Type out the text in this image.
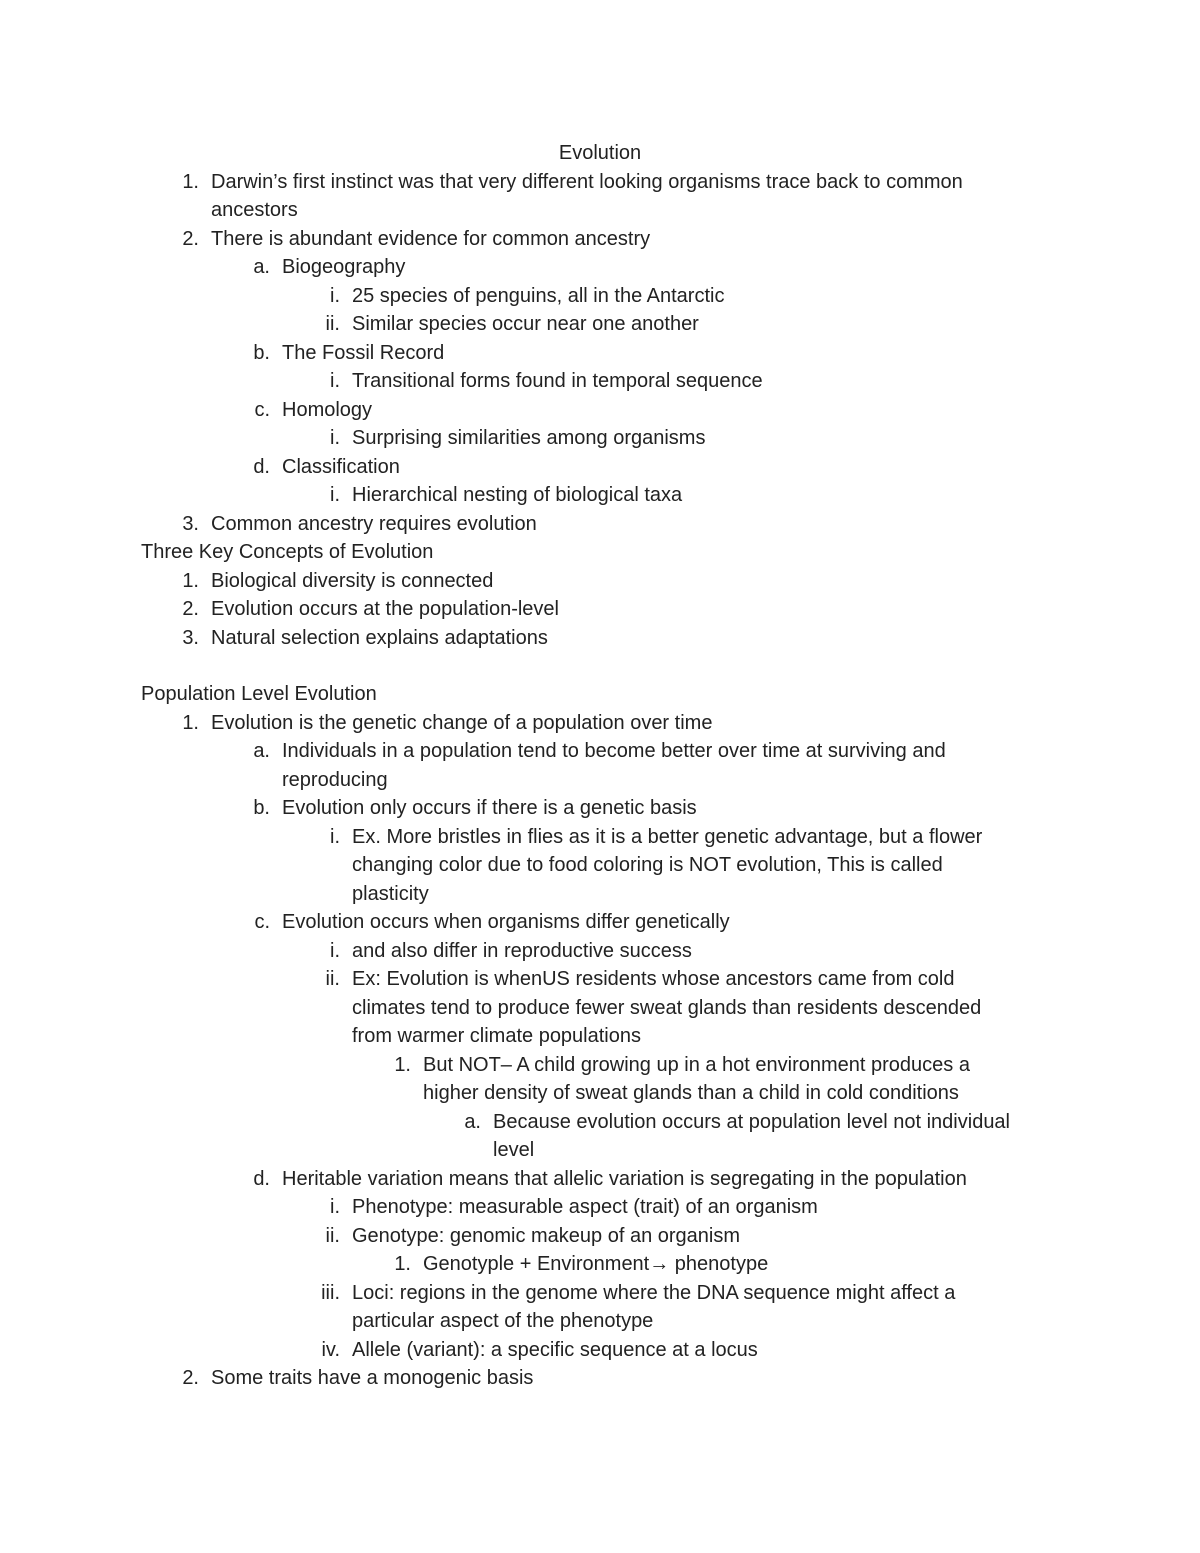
Evolution
Three Key Concepts of Evolution
Population Level Evolution
1. Darwin’s first instinct was that very different looking organisms trace back to common
ancestors
2. There is abundant evidence for common ancestry
a. Biogeography
i. 25 species of penguins, all in the Antarctic
ii. Similar species occur near one another
b. The Fossil Record
i. Transitional forms found in temporal sequence
c. Homology
i. Surprising similarities among organisms
d. Classification
i. Hierarchical nesting of biological taxa
3. Common ancestry requires evolution
1. Biological diversity is connected
2. Evolution occurs at the population-level
3. Natural selection explains adaptations
1. Evolution is the genetic change of a population over time
a. Individuals in a population tend to become better over time at surviving and
reproducing
b. Evolution only occurs if there is a genetic basis
i. Ex. More bristles in flies as it is a better genetic advantage, but a flower
changing color due to food coloring is NOT evolution, This is called
plasticity
c. Evolution occurs when organisms differ genetically
i. and also differ in reproductive success
ii. Ex: Evolution is whenUS residents whose ancestors came from cold
climates tend to produce fewer sweat glands than residents descended
from warmer climate populations
1. But NOT– A child growing up in a hot environment produces a
higher density of sweat glands than a child in cold conditions
a. Because evolution occurs at population level not individual
level
d. Heritable variation means that allelic variation is segregating in the population
i. Phenotype: measurable aspect (trait) of an organism
ii. Genotype: genomic makeup of an organism
1. Genotyple + Environment→ phenotype
iii. Loci: regions in the genome where the DNA sequence might affect a
particular aspect of the phenotype
iv. Allele (variant): a specific sequence at a locus
2. Some traits have a monogenic basis
